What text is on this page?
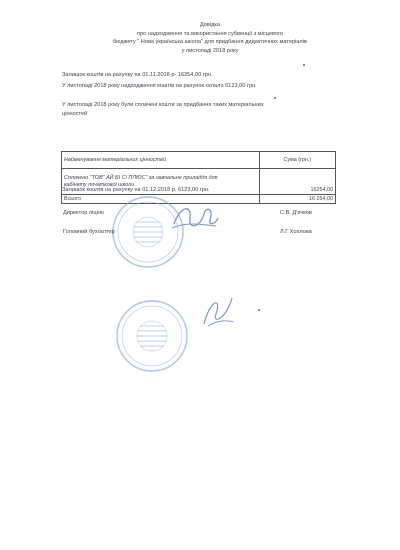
Довідка
про надходження та використання субвенції з місцевого
бюджету " Нова українська школа" для придбання дидактичних матеріалів
у листопаді 2018 року
Залишок коштів на рахунку на 01.11.2018 р- 16254,00 грн.
У листопаді 2018 року надходження коштів на рахунок склало 6123,00 грн.
У листопаді 2018 року були сплачені кошти за придбання таких матеріальних
цінностей
Найменування матеріальних цінностей	Сума (грн.)

Сплачено "ТОВ" АЙ БІ СІ ПЛЮС" за навчальне приладдя для
кабінету початкової школи	16254,00
Всього	16 254,00
Залишок коштів на рахунку на 01.12.2018 р. 6123,00 грн.
Директор ліцею	С.В. Д'ячков
Головний бухгалтер	Л.Г Хохлова
